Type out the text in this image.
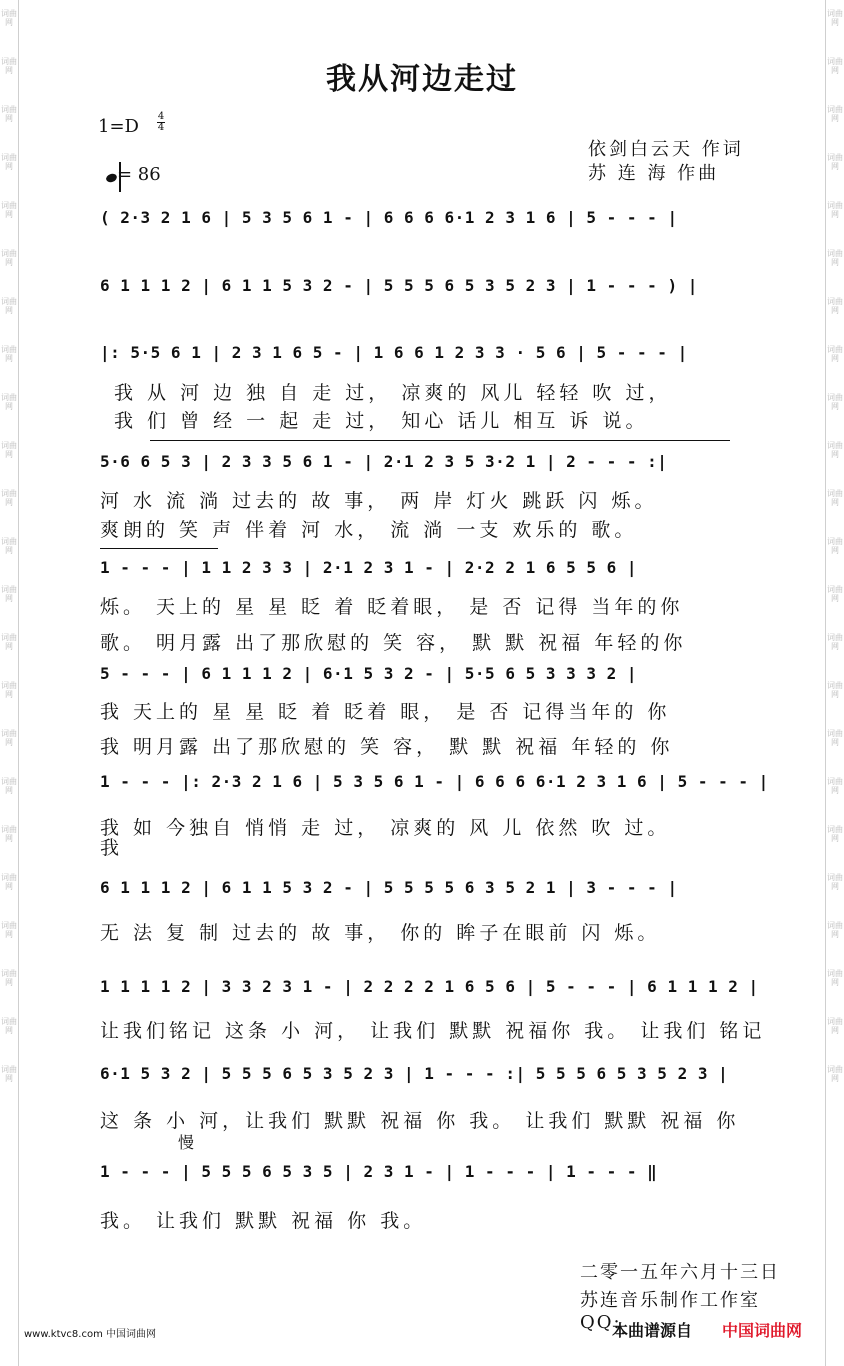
词曲网
词曲网
词曲网
词曲网
词曲网
词曲网
词曲网
词曲网
词曲网
词曲网
词曲网
词曲网
词曲网
词曲网
词曲网
词曲网
词曲网
词曲网
词曲网
词曲网
词曲网
词曲网
词曲网
词曲网
词曲网
词曲网
词曲网
词曲网
词曲网
词曲网
词曲网
词曲网
词曲网
词曲网
词曲网
词曲网
词曲网
词曲网
词曲网
词曲网
词曲网
词曲网
词曲网
词曲网
词曲网
词曲网
我从河边走过
1=D 4
4
依剑白云天 作词
苏 连 海 作曲
= 86
( 2·3 2 1 6 | 5 3 5 6 1 - | 6 6 6 6·1 2 3 1 6 | 5 - - - |
6 1 1 1 2 | 6 1 1 5 3 2 - | 5 5 5 6 5 3 5 2 3 | 1 - - - ) |
|: 5·5 6 1 | 2 3 1 6 5 - | 1 6 6 1 2 3 3 · 5 6 | 5 - - - |
我 从 河 边 独 自 走 过， 凉爽的 风儿 轻轻 吹 过，
我 们 曾 经 一 起 走 过， 知心 话儿 相互 诉 说。
5·6 6 5 3 | 2 3 3 5 6 1 - | 2·1 2 3 5 3·2 1 | 2 - - - :|
河 水 流 淌 过去的 故 事， 两 岸 灯火 跳跃 闪 烁。
爽朗的 笑 声 伴着 河 水， 流 淌 一支 欢乐的 歌。
1 - - - | 1 1 2 3 3 | 2·1 2 3 1 - | 2·2 2 1 6 5 5 6 |
烁。 天上的 星 星 眨 着 眨着眼， 是 否 记得 当年的你
歌。 明月露 出了那欣慰的 笑 容， 默 默 祝福 年轻的你
5 - - - | 6 1 1 1 2 | 6·1 5 3 2 - | 5·5 6 5 3 3 3 2 |
我 天上的 星 星 眨 着 眨着 眼， 是 否 记得当年的 你
我 明月露 出了那欣慰的 笑 容， 默 默 祝福 年轻的 你
1 - - - |: 2·3 2 1 6 | 5 3 5 6 1 - | 6 6 6 6·1 2 3 1 6 | 5 - - - |
我 如 今独自 悄悄 走 过， 凉爽的 风 儿 依然 吹 过。
我
6 1 1 1 2 | 6 1 1 5 3 2 - | 5 5 5 5 6 3 5 2 1 | 3 - - - |
无 法 复 制 过去的 故 事， 你的 眸子在眼前 闪 烁。
1 1 1 1 2 | 3 3 2 3 1 - | 2 2 2 2 1 6 5 6 | 5 - - - | 6 1 1 1 2 |
让我们铭记 这条 小 河， 让我们 默默 祝福你 我。 让我们 铭记
6·1 5 3 2 | 5 5 5 6 5 3 5 2 3 | 1 - - - :| 5 5 5 6 5 3 5 2 3 |
这 条 小 河，让我们 默默 祝福 你 我。 让我们 默默 祝福 你
慢
1 - - - | 5 5 5 6 5 3 5 | 2 3 1 - | 1 - - - | 1 - - - ‖
我。 让我们 默默 祝福 你 我。
二零一五年六月十三日
苏连音乐制作工作室
QQ:
www.ktvc8.com 中国词曲网	本曲谱源自 中国词曲网
